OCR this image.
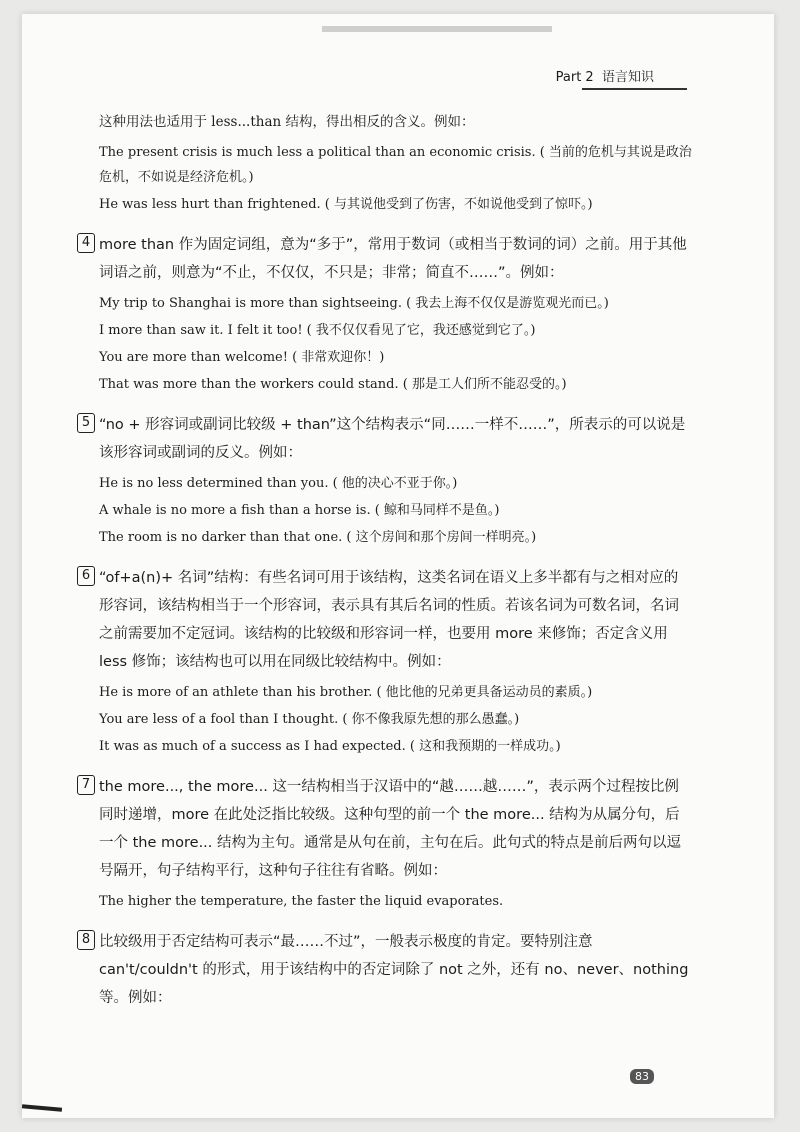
Part 2 语言知识
这种用法也适用于 less...than 结构，得出相反的含义。例如：
The present crisis is much less a political than an economic crisis. ( 当前的危机与其说是政治危机，不如说是经济危机。)
He was less hurt than frightened. ( 与其说他受到了伤害，不如说他受到了惊吓。)
4 more than 作为固定词组，意为“多于”，常用于数词（或相当于数词的词）之前。用于其他词语之前，则意为“不止，不仅仅，不只是；非常；简直不……”。例如：
My trip to Shanghai is more than sightseeing. ( 我去上海不仅仅是游览观光而已。)
I more than saw it. I felt it too! ( 我不仅仅看见了它，我还感觉到它了。)
You are more than welcome! ( 非常欢迎你！)
That was more than the workers could stand. ( 那是工人们所不能忍受的。)
5 “no + 形容词或副词比较级 + than”这个结构表示“同……一样不……”，所表示的可以说是该形容词或副词的反义。例如：
He is no less determined than you. ( 他的决心不亚于你。)
A whale is no more a fish than a horse is. ( 鲸和马同样不是鱼。)
The room is no darker than that one. ( 这个房间和那个房间一样明亮。)
6 “of+a(n)+ 名词”结构：有些名词可用于该结构，这类名词在语义上多半都有与之相对应的形容词，该结构相当于一个形容词，表示具有其后名词的性质。若该名词为可数名词，名词之前需要加不定冠词。该结构的比较级和形容词一样，也要用 more 来修饰；否定含义用 less 修饰；该结构也可以用在同级比较结构中。例如：
He is more of an athlete than his brother. ( 他比他的兄弟更具备运动员的素质。)
You are less of a fool than I thought. ( 你不像我原先想的那么愚蠢。)
It was as much of a success as I had expected. ( 这和我预期的一样成功。)
7 the more..., the more... 这一结构相当于汉语中的“越……越……”，表示两个过程按比例同时递增，more 在此处泛指比较级。这种句型的前一个 the more... 结构为从属分句，后一个 the more... 结构为主句。通常是从句在前，主句在后。此句式的特点是前后两句以逗号隔开，句子结构平行，这种句子往往有省略。例如：
The higher the temperature, the faster the liquid evaporates.
8 比较级用于否定结构可表示“最……不过”，一般表示极度的肯定。要特别注意 can't/couldn't 的形式，用于该结构中的否定词除了 not 之外，还有 no、never、nothing 等。例如：
83
